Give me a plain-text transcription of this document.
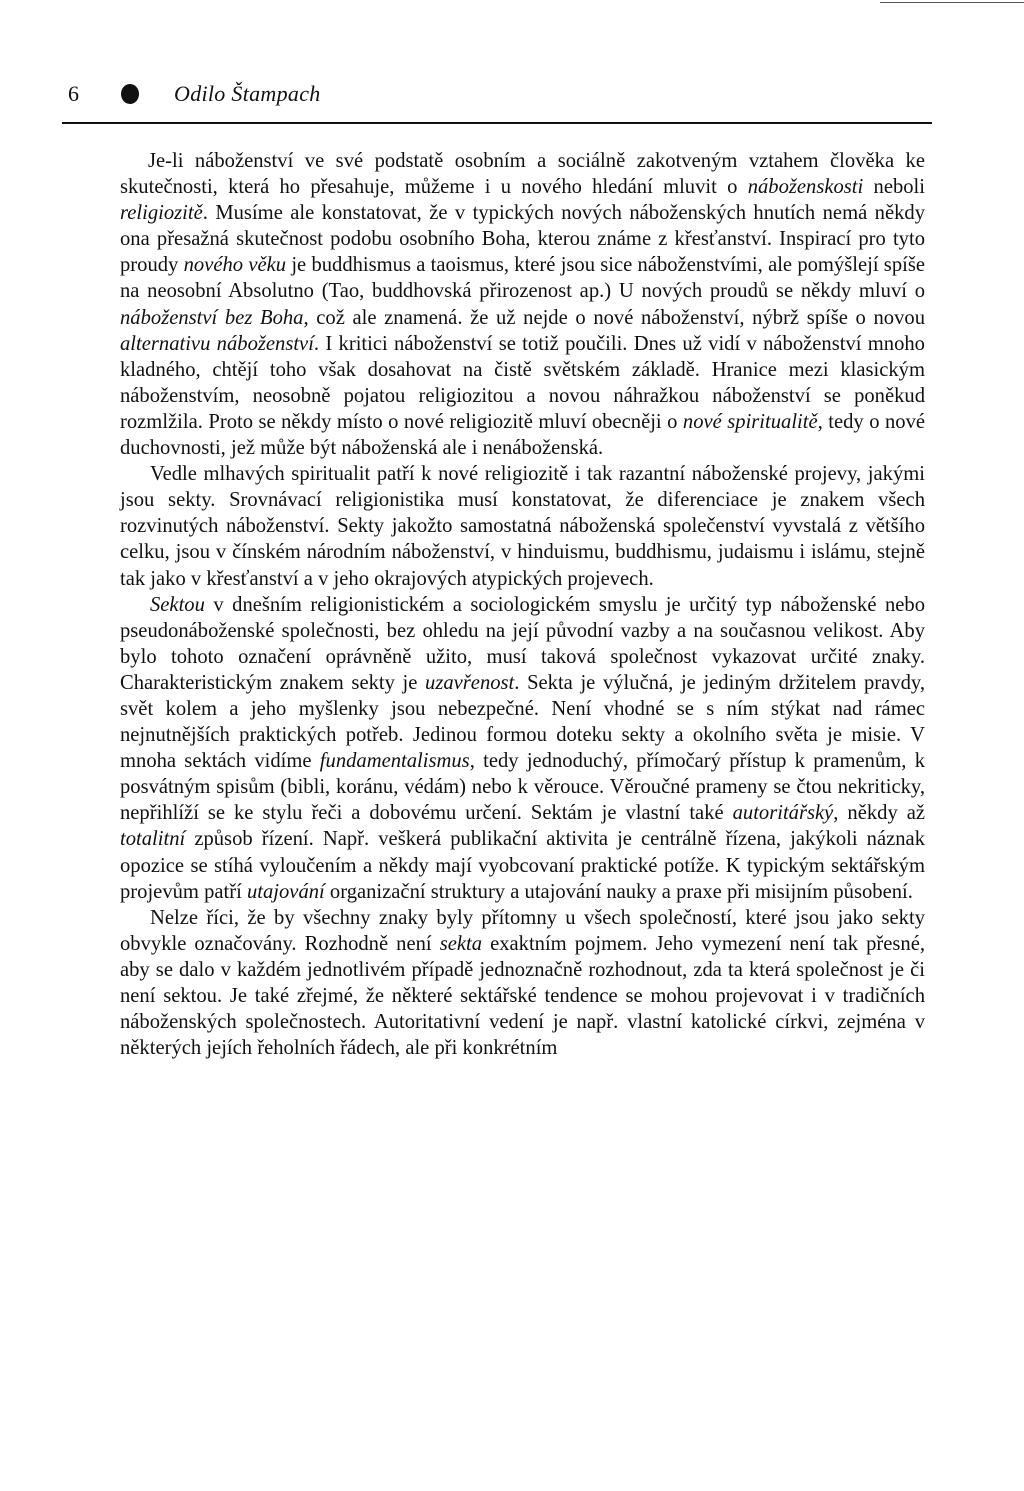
6	Odilo Štampach

Je-li náboženství ve své podstatě osobním a sociálně zakotveným vztahem člověka ke skutečnosti, která ho přesahuje, můžeme i u nového hledání mluvit o náboženskosti neboli religiozitě. Musíme ale konstatovat, že v typických nových náboženských hnutích nemá někdy ona přesažná skutečnost podobu osobního Boha, kterou známe z křesťanství. Inspirací pro tyto proudy nového věku je buddhismus a taoismus, které jsou sice náboženstvími, ale pomýšlejí spíše na neosobní Absolutno (Tao, buddhovská přirozenost ap.) U nových proudů se někdy mluví o náboženství bez Boha, což ale znamená. že už nejde o nové náboženství, nýbrž spíše o novou alternativu náboženství. I kritici náboženství se totiž poučili. Dnes už vidí v náboženství mnoho kladného, chtějí toho však dosahovat na čistě světském základě. Hranice mezi klasickým náboženstvím, neosobně pojatou religiozitou a novou náhražkou náboženství se poněkud rozmlžila. Proto se někdy místo o nové religiozitě mluví obecněji o nové spiritualitě, tedy o nové duchovnosti, jež může být náboženská ale i nenáboženská.

Vedle mlhavých spiritualit patří k nové religiozitě i tak razantní náboženské projevy, jakými jsou sekty. Srovnávací religionistika musí konstatovat, že diferenciace je znakem všech rozvinutých náboženství. Sekty jakožto samostatná náboženská společenství vyvstalá z většího celku, jsou v čínském národním náboženství, v hinduismu, buddhismu, judaismu i islámu, stejně tak jako v křesťanství a v jeho okrajových atypických projevech.

Sektou v dnešním religionistickém a sociologickém smyslu je určitý typ náboženské nebo pseudonáboženské společnosti, bez ohledu na její původní vazby a na současnou velikost. Aby bylo tohoto označení oprávněně užito, musí taková společnost vykazovat určité znaky. Charakteristickým znakem sekty je uzavřenost. Sekta je výlučná, je jediným držitelem pravdy, svět kolem a jeho myšlenky jsou nebezpečné. Není vhodné se s ním stýkat nad rámec nejnutnějších praktických potřeb. Jedinou formou doteku sekty a okolního světa je misie. V mnoha sektách vidíme fundamentalismus, tedy jednoduchý, přímočarý přístup k pramenům, k posvátným spisům (bibli, koránu, védám) nebo k věrouce. Věroučné prameny se čtou nekriticky, nepřihlíží se ke stylu řeči a dobovému určení. Sektám je vlastní také autoritářský, někdy až totalitní způsob řízení. Např. veškerá publikační aktivita je centrálně řízena, jakýkoli náznak opozice se stíhá vyloučením a někdy mají vyobcovaní praktické potíže. K typickým sektářským projevům patří utajování organizační struktury a utajování nauky a praxe při misijním působení.

Nelze říci, že by všechny znaky byly přítomny u všech společností, které jsou jako sekty obvykle označovány. Rozhodně není sekta exaktním pojmem. Jeho vymezení není tak přesné, aby se dalo v každém jednotlivém případě jednoznačně rozhodnout, zda ta která společnost je či není sektou. Je také zřejmé, že některé sektářské tendence se mohou projevovat i v tradičních náboženských společnostech. Autoritativní vedení je např. vlastní katolické církvi, zejména v některých jejích řeholních řádech, ale při konkrétním
